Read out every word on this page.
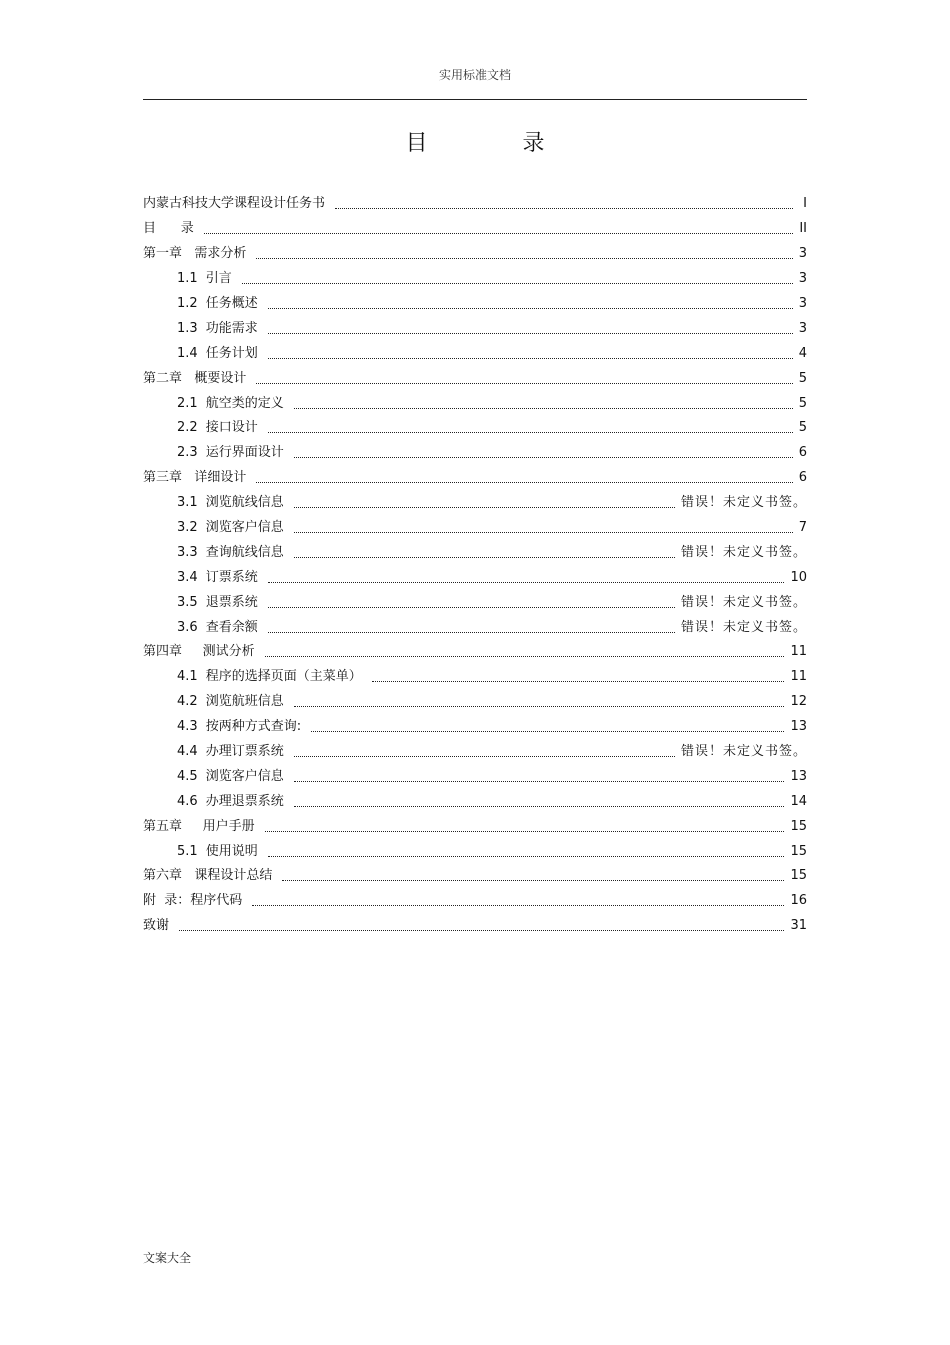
实用标准文档
目 录
内蒙古科技大学课程设计任务书	I
目      录	II
第一章   需求分析	3
1.1 引言	3
1.2 任务概述	3
1.3 功能需求	3
1.4 任务计划	4
第二章   概要设计	5
2.1 航空类的定义	5
2.2 接口设计	5
2.3 运行界面设计	6
第三章   详细设计	6
3.1 浏览航线信息	错误！未定义书签。
3.2 浏览客户信息	7
3.3 查询航线信息	错误！未定义书签。
3.4 订票系统	10
3.5 退票系统	错误！未定义书签。
3.6 查看余额	错误！未定义书签。
第四章     测试分析	11
4.1 程序的选择页面（主菜单）	11
4.2 浏览航班信息	12
4.3 按两种方式查询:	13
4.4 办理订票系统	错误！未定义书签。
4.5 浏览客户信息	13
4.6 办理退票系统	14
第五章     用户手册	15
5.1 使用说明	15
第六章   课程设计总结	15
附  录：程序代码	16
致谢	31
文案大全
